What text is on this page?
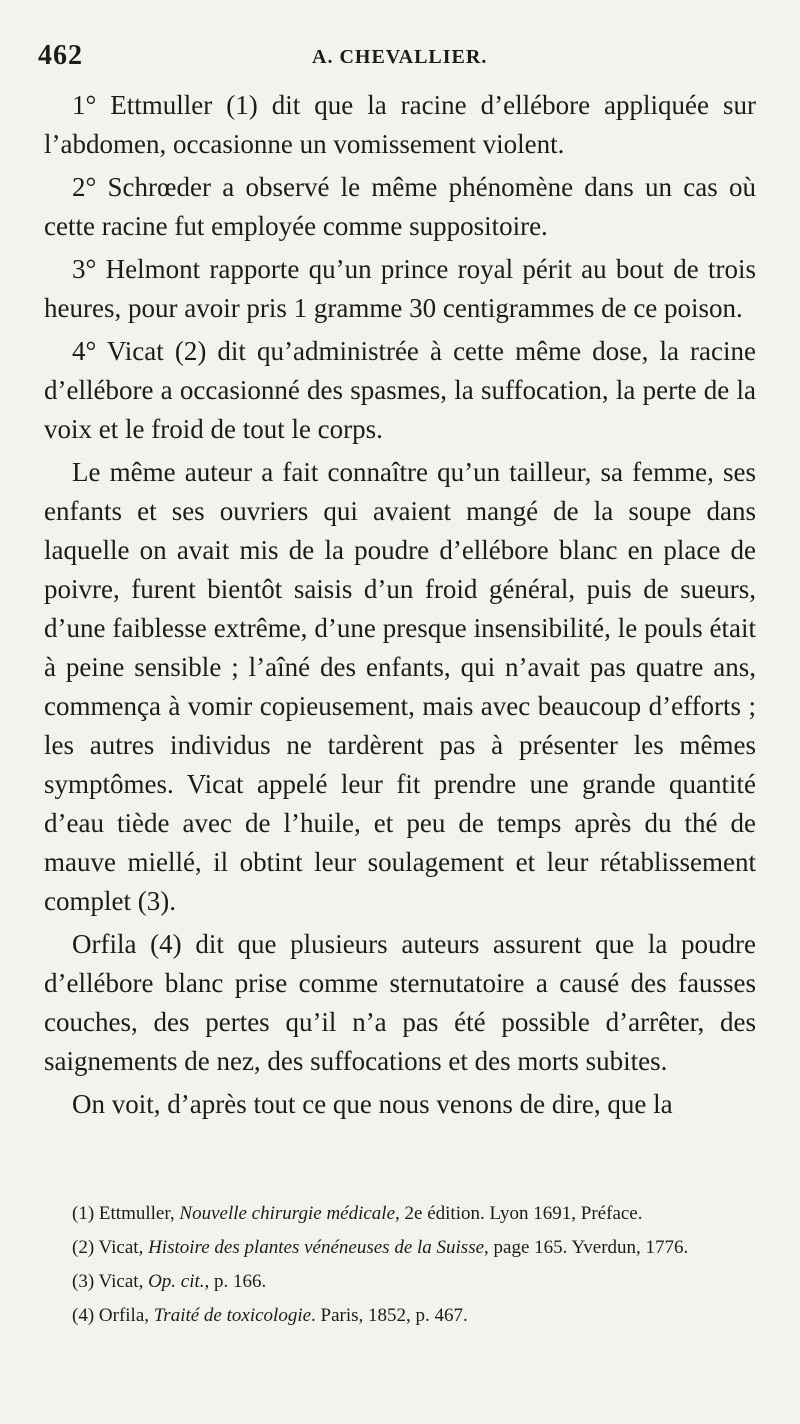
462	A. CHEVALLIER.

1° Ettmuller (1) dit que la racine d’ellébore appliquée sur l’abdomen, occasionne un vomissement violent.

2° Schrœder a observé le même phénomène dans un cas où cette racine fut employée comme suppositoire.

3° Helmont rapporte qu’un prince royal périt au bout de trois heures, pour avoir pris 1 gramme 30 centigrammes de ce poison.

4° Vicat (2) dit qu’administrée à cette même dose, la racine d’ellébore a occasionné des spasmes, la suffocation, la perte de la voix et le froid de tout le corps.

Le même auteur a fait connaître qu’un tailleur, sa femme, ses enfants et ses ouvriers qui avaient mangé de la soupe dans laquelle on avait mis de la poudre d’ellébore blanc en place de poivre, furent bientôt saisis d’un froid général, puis de sueurs, d’une faiblesse extrême, d’une presque insensibilité, le pouls était à peine sensible ; l’aîné des enfants, qui n’avait pas quatre ans, commença à vomir copieusement, mais avec beaucoup d’efforts ; les autres individus ne tardèrent pas à présenter les mêmes symptômes. Vicat appelé leur fit prendre une grande quantité d’eau tiède avec de l’huile, et peu de temps après du thé de mauve miellé, il obtint leur soulagement et leur rétablissement complet (3).

Orfila (4) dit que plusieurs auteurs assurent que la poudre d’ellébore blanc prise comme sternutatoire a causé des fausses couches, des pertes qu’il n’a pas été possible d’arrêter, des saignements de nez, des suffocations et des morts subites.

On voit, d’après tout ce que nous venons de dire, que la

(1) Ettmuller, Nouvelle chirurgie médicale, 2e édition. Lyon 1691, Préface.

(2) Vicat, Histoire des plantes vénéneuses de la Suisse, page 165. Yverdun, 1776.

(3) Vicat, Op. cit., p. 166.

(4) Orfila, Traité de toxicologie. Paris, 1852, p. 467.
